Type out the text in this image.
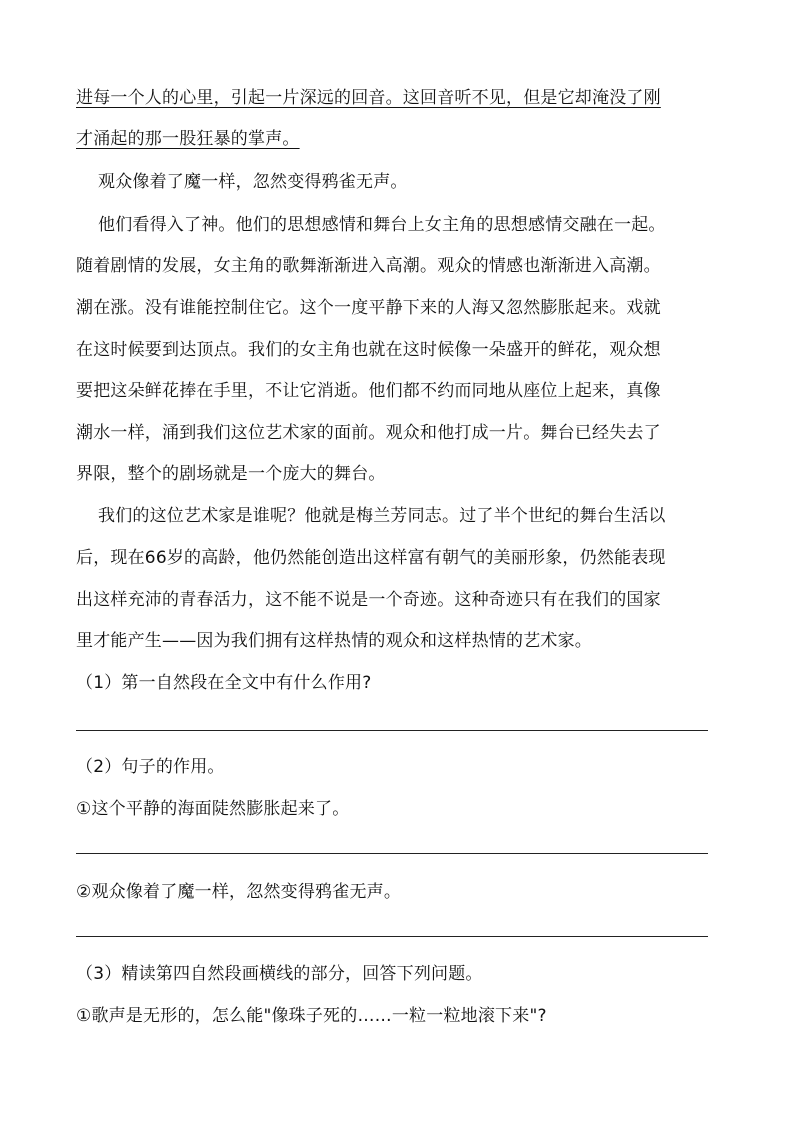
进每一个人的心里，引起一片深远的回音。这回音听不见，但是它却淹没了刚
才涌起的那一股狂暴的掌声。
观众像着了魔一样，忽然变得鸦雀无声。
他们看得入了神。他们的思想感情和舞台上女主角的思想感情交融在一起。
随着剧情的发展，女主角的歌舞渐渐进入高潮。观众的情感也渐渐进入高潮。
潮在涨。没有谁能控制住它。这个一度平静下来的人海又忽然膨胀起来。戏就
在这时候要到达顶点。我们的女主角也就在这时候像一朵盛开的鲜花，观众想
要把这朵鲜花捧在手里，不让它消逝。他们都不约而同地从座位上起来，真像
潮水一样，涌到我们这位艺术家的面前。观众和他打成一片。舞台已经失去了
界限，整个的剧场就是一个庞大的舞台。
我们的这位艺术家是谁呢？他就是梅兰芳同志。过了半个世纪的舞台生活以
后，现在66岁的高龄，他仍然能创造出这样富有朝气的美丽形象，仍然能表现
出这样充沛的青春活力，这不能不说是一个奇迹。这种奇迹只有在我们的国家
里才能产生——因为我们拥有这样热情的观众和这样热情的艺术家。
（1）第一自然段在全文中有什么作用?
（2）句子的作用。
①这个平静的海面陡然膨胀起来了。
②观众像着了魔一样，忽然变得鸦雀无声。
（3）精读第四自然段画横线的部分，回答下列问题。
①歌声是无形的，怎么能"像珠子死的……一粒一粒地滚下来"?
